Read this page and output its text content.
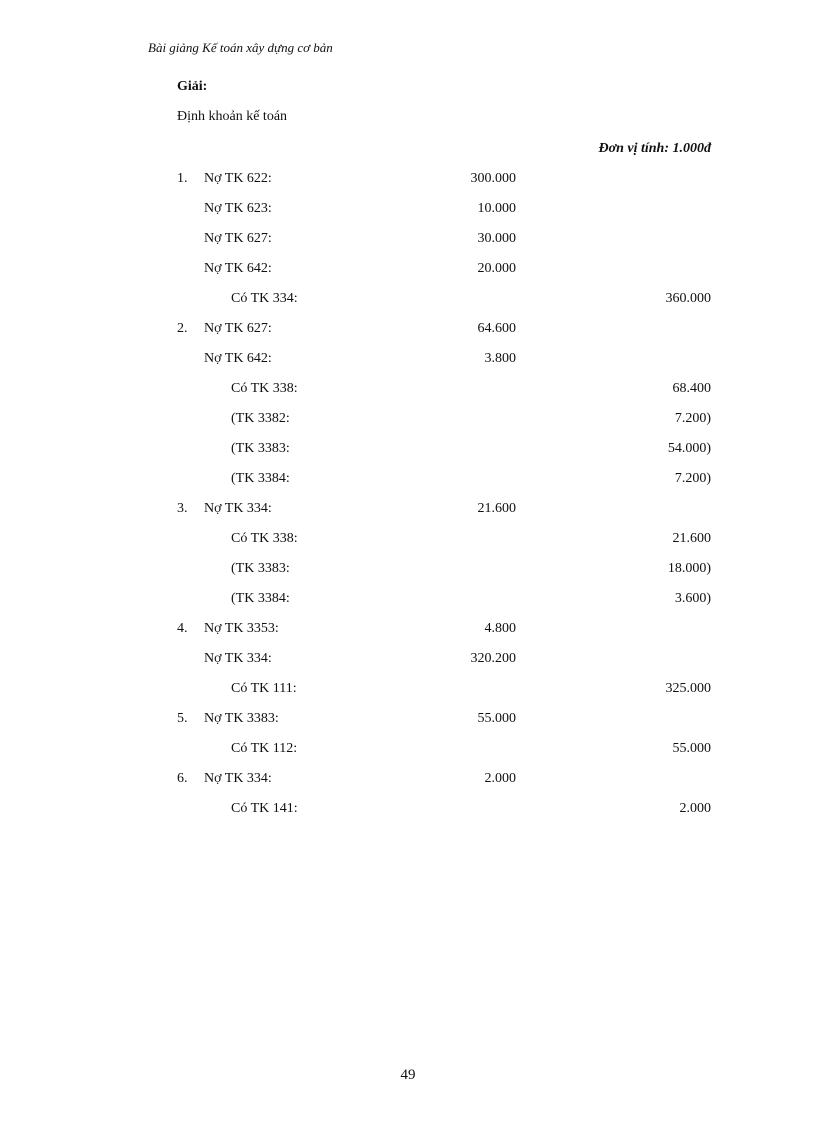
Bài giảng Kế toán xây dựng cơ bản
Giải:
Định khoản kế toán
Đơn vị tính: 1.000đ
1. Nợ TK 622:	300.000
Nợ TK 623:	10.000
Nợ TK 627:	30.000
Nợ TK 642:	20.000
Có TK 334:	360.000
2. Nợ TK 627:	64.600
Nợ TK 642:	3.800
Có TK 338:	68.400
(TK 3382:	7.200)
(TK 3383:	54.000)
(TK 3384:	7.200)
3. Nợ TK 334:	21.600
Có TK 338:	21.600
(TK 3383:	18.000)
(TK 3384:	3.600)
4. Nợ TK 3353:	4.800
Nợ TK 334:	320.200
Có TK 111:	325.000
5. Nợ TK 3383:	55.000
Có TK 112:	55.000
6. Nợ TK 334:	2.000
Có TK 141:	2.000
49
